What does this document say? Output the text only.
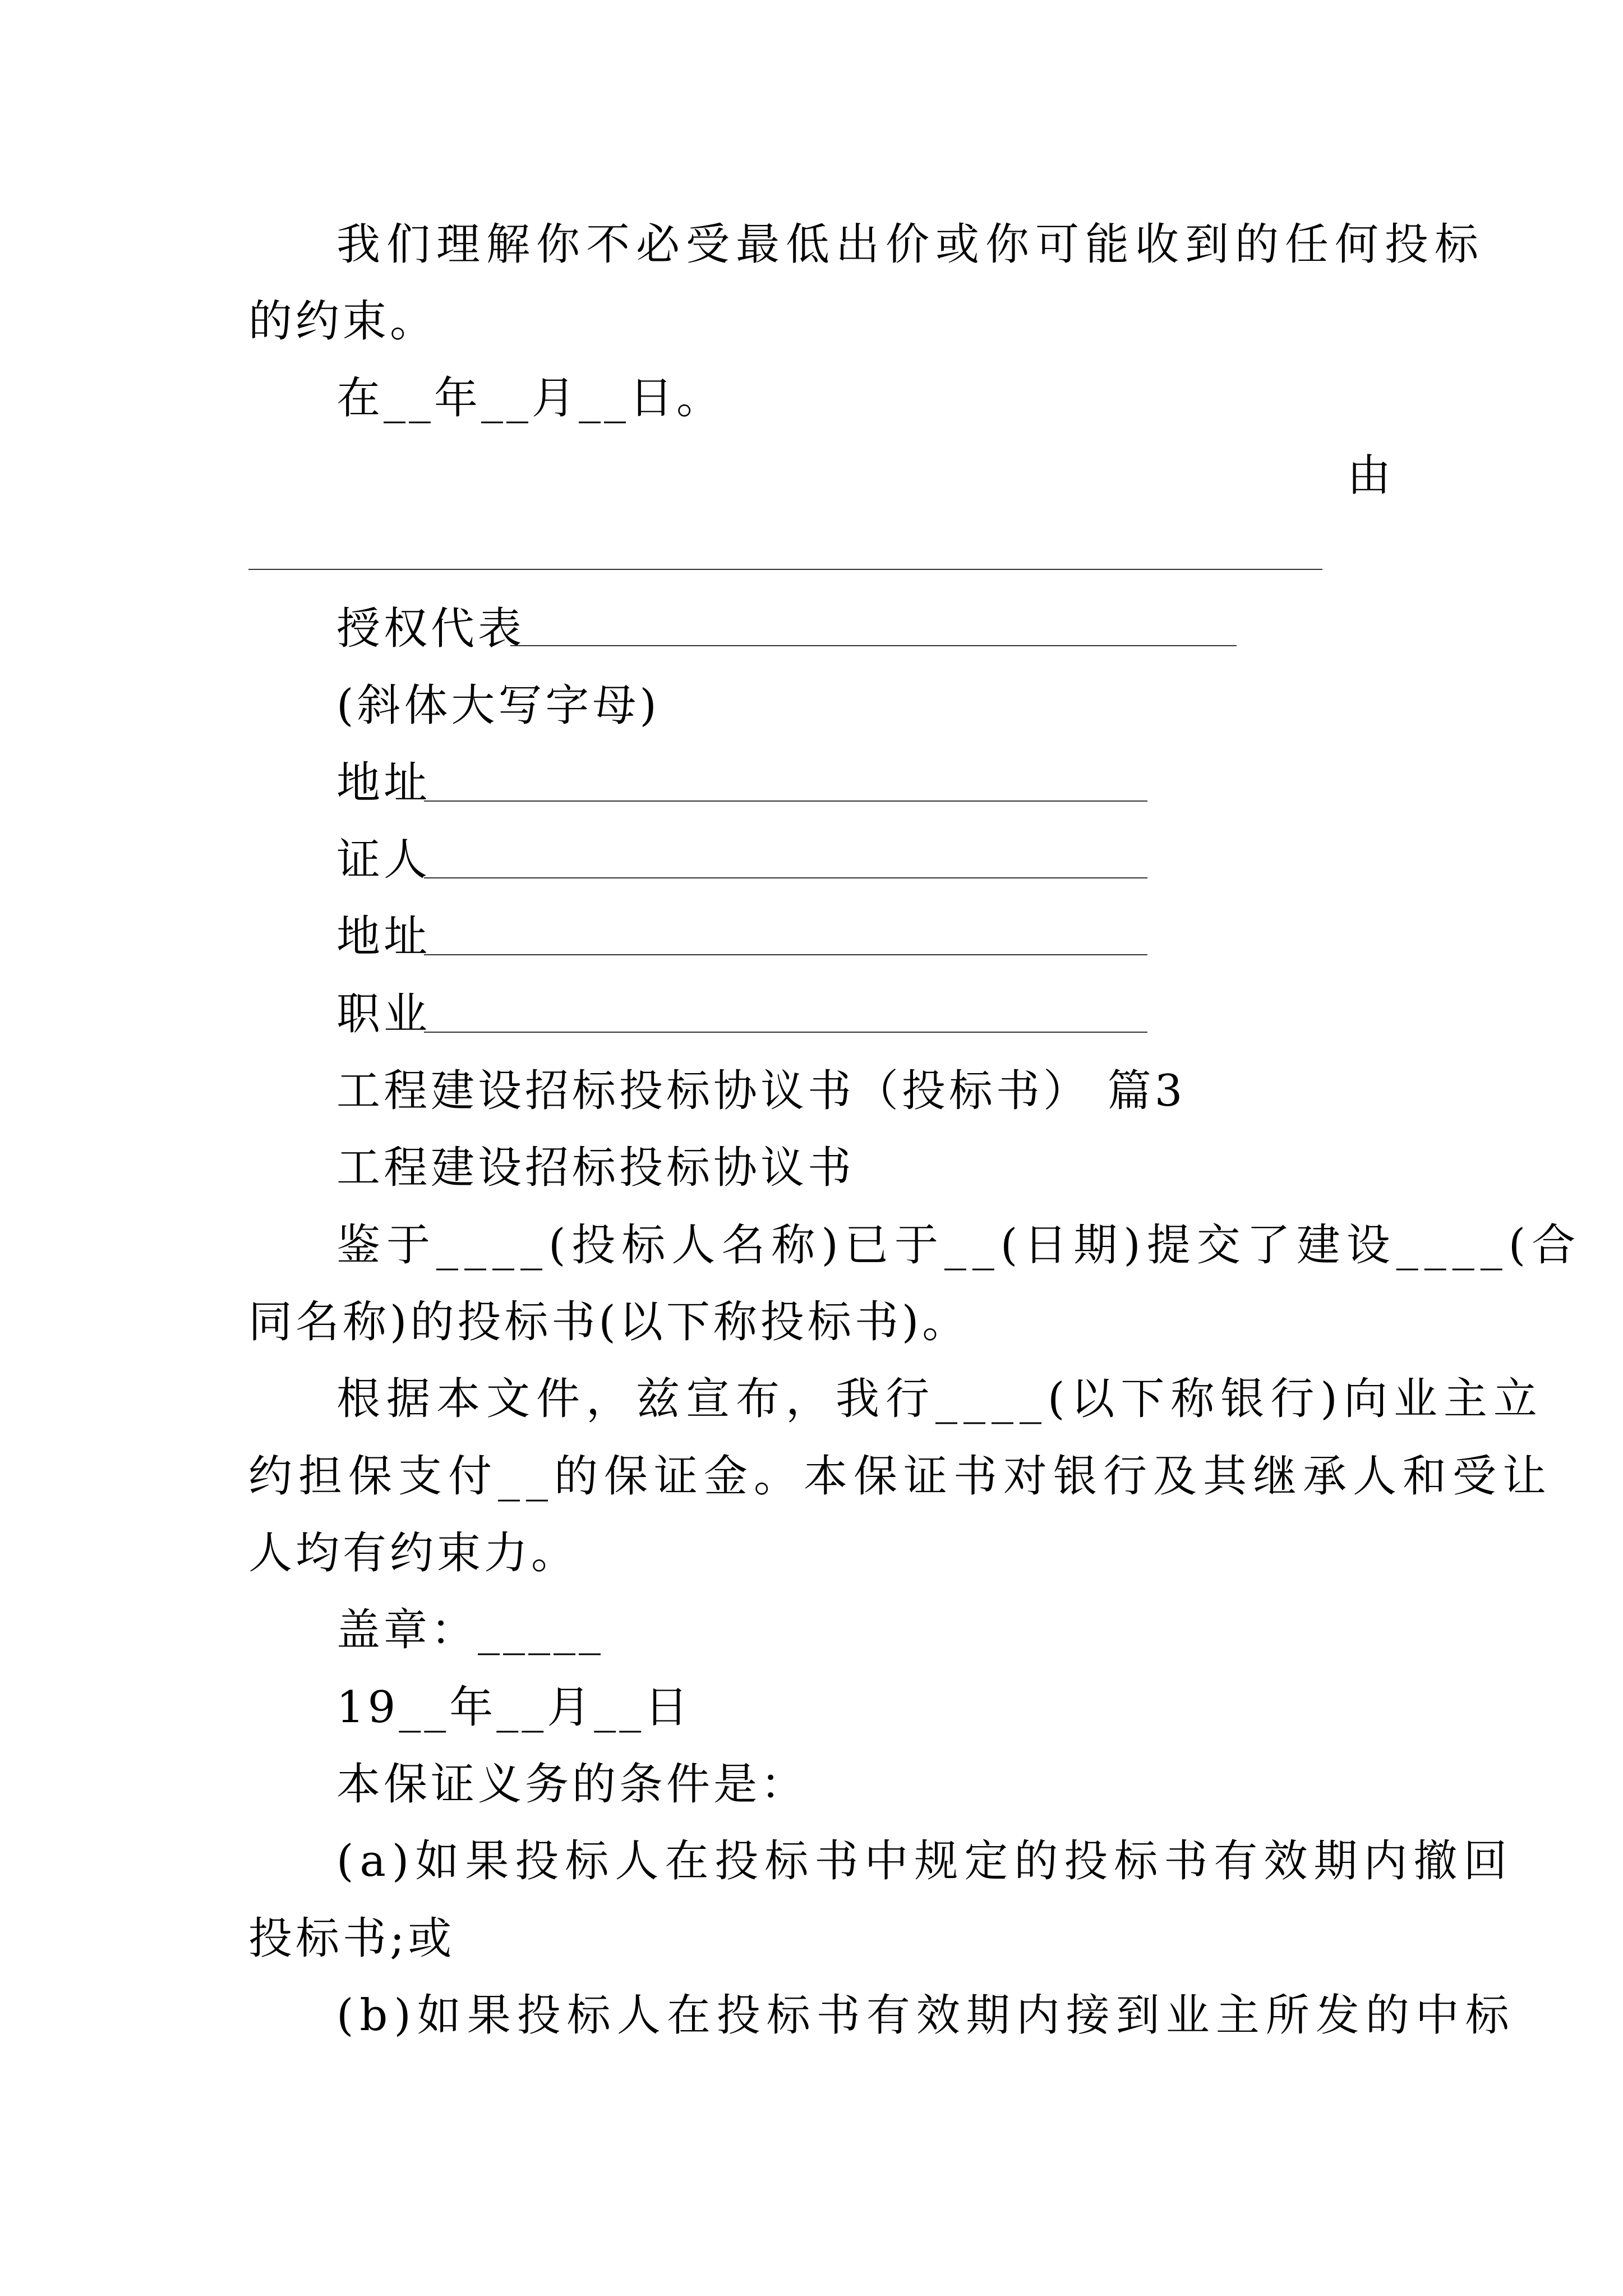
我们理解你不必受最低出价或你可能收到的任何投标
的约束。
在__年__月__日。
由
授权代表
(斜体大写字母)
地址
证人
地址
职业
工程建设招标投标协议书（投标书） 篇3
工程建设招标投标协议书
鉴于____(投标人名称)已于__(日期)提交了建设____(合
同名称)的投标书(以下称投标书)。
根据本文件，兹宣布，我行____(以下称银行)向业主立
约担保支付__的保证金。本保证书对银行及其继承人和受让
人均有约束力。
盖章：_____
19__年__月__日
本保证义务的条件是：
(a)如果投标人在投标书中规定的投标书有效期内撤回
投标书;或
(b)如果投标人在投标书有效期内接到业主所发的中标
